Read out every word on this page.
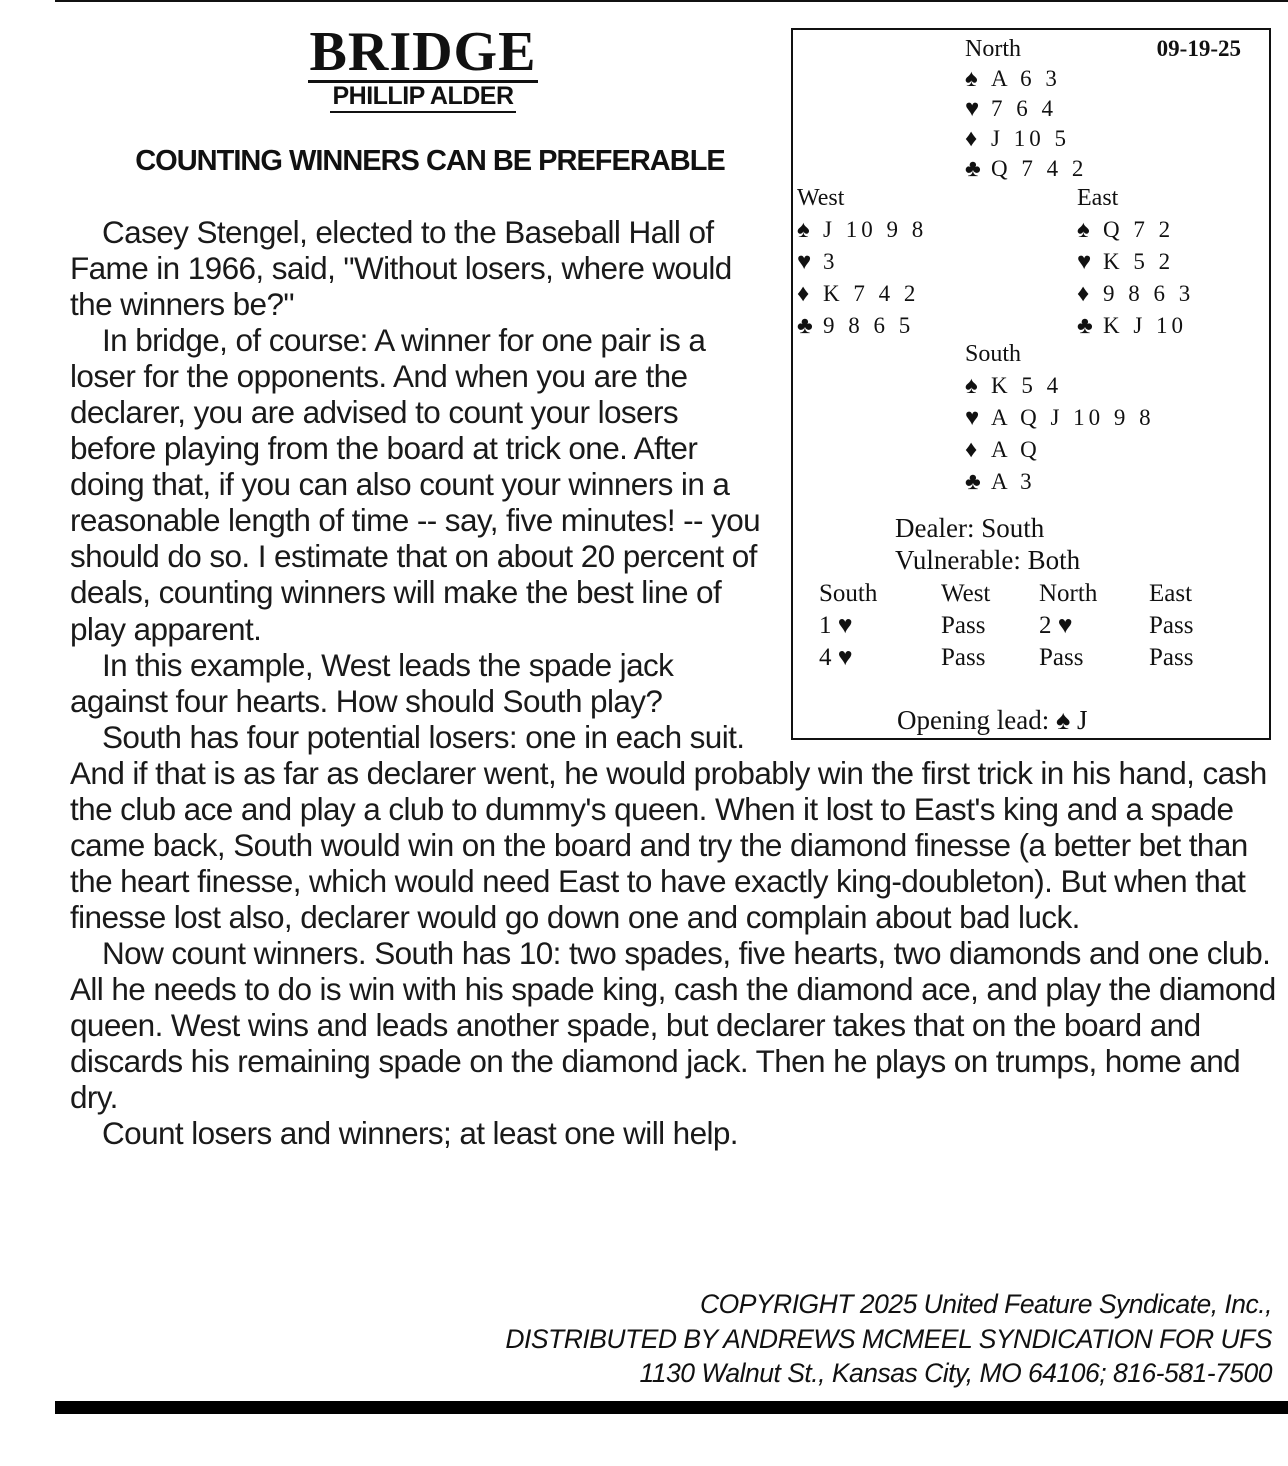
BRIDGE
PHILLIP ALDER
COUNTING WINNERS CAN BE PREFERABLE

Casey Stengel, elected to the Baseball Hall of Fame in 1966, said, "Without losers, where would the winners be?"

In bridge, of course: A winner for one pair is a loser for the opponents. And when you are the declarer, you are advised to count your losers before playing from the board at trick one. After doing that, if you can also count your winners in a reasonable length of time -- say, five minutes! -- you should do so. I estimate that on about 20 percent of deals, counting winners will make the best line of play apparent.

In this example, West leads the spade jack against four hearts. How should South play?

South has four potential losers: one in each suit. And if that is as far as declarer went, he would probably win the first trick in his hand, cash the club ace and play a club to dummy's queen. When it lost to East's king and a spade came back, South would win on the board and try the diamond finesse (a better bet than the heart finesse, which would need East to have exactly king-doubleton). But when that finesse lost also, declarer would go down one and complain about bad luck.

Now count winners. South has 10: two spades, five hearts, two diamonds and one club. All he needs to do is win with his spade king, cash the diamond ace, and play the diamond queen. West wins and leads another spade, but declarer takes that on the board and discards his remaining spade on the diamond jack. Then he plays on trumps, home and dry.

Count losers and winners; at least one will help.

09-19-25
North
♠ A 6 3
♥ 7 6 4
♦ J 10 5
♣ Q 7 4 2
West
♠ J 10 9 8
♥ 3
♦ K 7 4 2
♣ 9 8 6 5
East
♠ Q 7 2
♥ K 5 2
♦ 9 8 6 3
♣ K J 10
South
♠ K 5 4
♥ A Q J 10 9 8
♦ A Q
♣ A 3
Dealer: South
Vulnerable: Both
South	West	North	East
1 ♥	Pass	2 ♥	Pass
4 ♥	Pass	Pass	Pass
Opening lead: ♠ J
COPYRIGHT 2025 United Feature Syndicate, Inc.,
DISTRIBUTED BY ANDREWS MCMEEL SYNDICATION FOR UFS
1130 Walnut St., Kansas City, MO 64106; 816-581-7500
